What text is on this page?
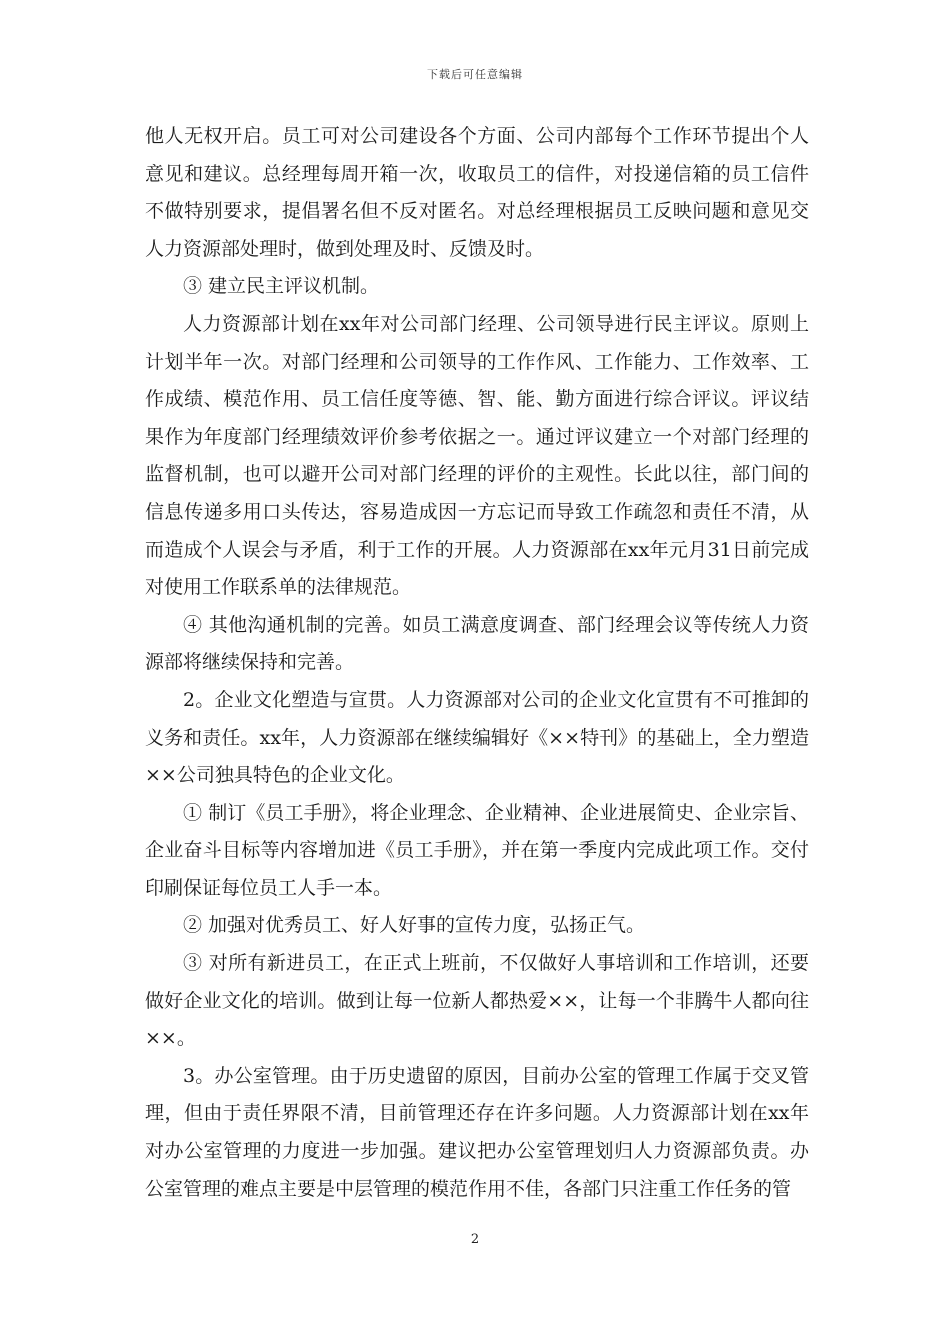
下载后可任意编辑

他人无权开启。员工可对公司建设各个方面、公司内部每个工作环节提出个人意见和建议。总经理每周开箱一次，收取员工的信件，对投递信箱的员工信件不做特别要求，提倡署名但不反对匿名。对总经理根据员工反映问题和意见交人力资源部处理时，做到处理及时、反馈及时。

③ 建立民主评议机制。

人力资源部计划在xx年对公司部门经理、公司领导进行民主评议。原则上计划半年一次。对部门经理和公司领导的工作作风、工作能力、工作效率、工作成绩、模范作用、员工信任度等德、智、能、勤方面进行综合评议。评议结果作为年度部门经理绩效评价参考依据之一。通过评议建立一个对部门经理的监督机制，也可以避开公司对部门经理的评价的主观性。长此以往，部门间的信息传递多用口头传达，容易造成因一方忘记而导致工作疏忽和责任不清，从而造成个人误会与矛盾，利于工作的开展。人力资源部在xx年元月31日前完成对使用工作联系单的法律规范。

④ 其他沟通机制的完善。如员工满意度调查、部门经理会议等传统人力资源部将继续保持和完善。

2。企业文化塑造与宣贯。人力资源部对公司的企业文化宣贯有不可推卸的义务和责任。xx年，人力资源部在继续编辑好《××特刊》的基础上，全力塑造××公司独具特色的企业文化。

① 制订《员工手册》，将企业理念、企业精神、企业进展简史、企业宗旨、企业奋斗目标等内容增加进《员工手册》，并在第一季度内完成此项工作。交付印刷保证每位员工人手一本。

② 加强对优秀员工、好人好事的宣传力度，弘扬正气。

③ 对所有新进员工，在正式上班前，不仅做好人事培训和工作培训，还要做好企业文化的培训。做到让每一位新人都热爱××，让每一个非腾牛人都向往××。

3。办公室管理。由于历史遗留的原因，目前办公室的管理工作属于交叉管理，但由于责任界限不清，目前管理还存在许多问题。人力资源部计划在xx年对办公室管理的力度进一步加强。建议把办公室管理划归人力资源部负责。办公室管理的难点主要是中层管理的模范作用不佳，各部门只注重工作任务的管

2
